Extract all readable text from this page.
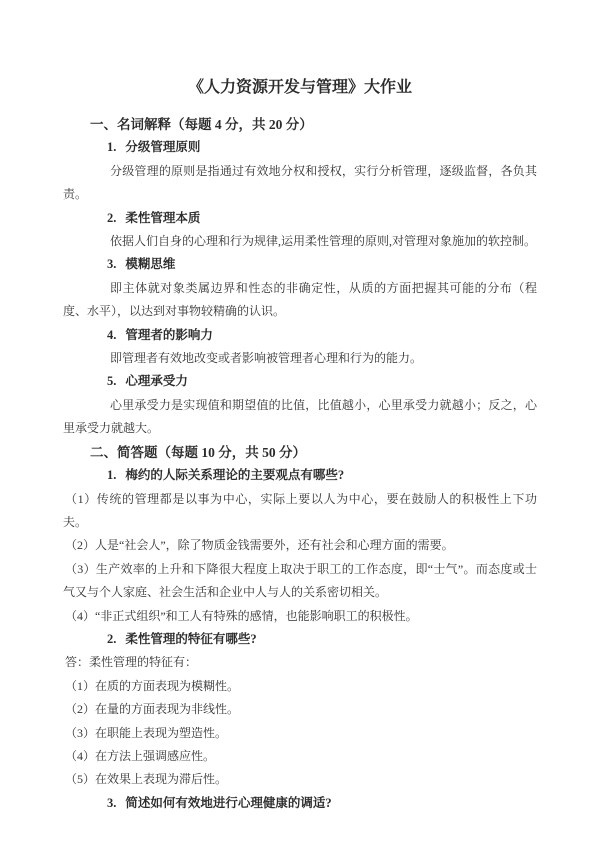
《人力资源开发与管理》大作业

一、名词解释（每题 4 分，共 20 分）

1. 分级管理原则

分级管理的原则是指通过有效地分权和授权，实行分析管理，逐级监督，各负其责。

2. 柔性管理本质

依据人们自身的心理和行为规律,运用柔性管理的原则,对管理对象施加的软控制。

3. 模糊思维

即主体就对象类属边界和性态的非确定性，从质的方面把握其可能的分布（程度、水平），以达到对事物较精确的认识。

4. 管理者的影响力

即管理者有效地改变或者影响被管理者心理和行为的能力。

5. 心理承受力

心里承受力是实现值和期望值的比值，比值越小，心里承受力就越小；反之，心里承受力就越大。

二、简答题（每题 10 分，共 50 分）

1. 梅约的人际关系理论的主要观点有哪些?

（1）传统的管理都是以事为中心，实际上要以人为中心，要在鼓励人的积极性上下功夫。

（2）人是“社会人”，除了物质金钱需要外，还有社会和心理方面的需要。

（3）生产效率的上升和下降很大程度上取决于职工的工作态度，即“士气”。而态度或士气又与个人家庭、社会生活和企业中人与人的关系密切相关。

（4）“非正式组织”和工人有特殊的感情，也能影响职工的积极性。

2. 柔性管理的特征有哪些?

答：柔性管理的特征有：

（1）在质的方面表现为模糊性。

（2）在量的方面表现为非线性。

（3）在职能上表现为塑造性。

（4）在方法上强调感应性。

（5）在效果上表现为滞后性。

3. 简述如何有效地进行心理健康的调适?
